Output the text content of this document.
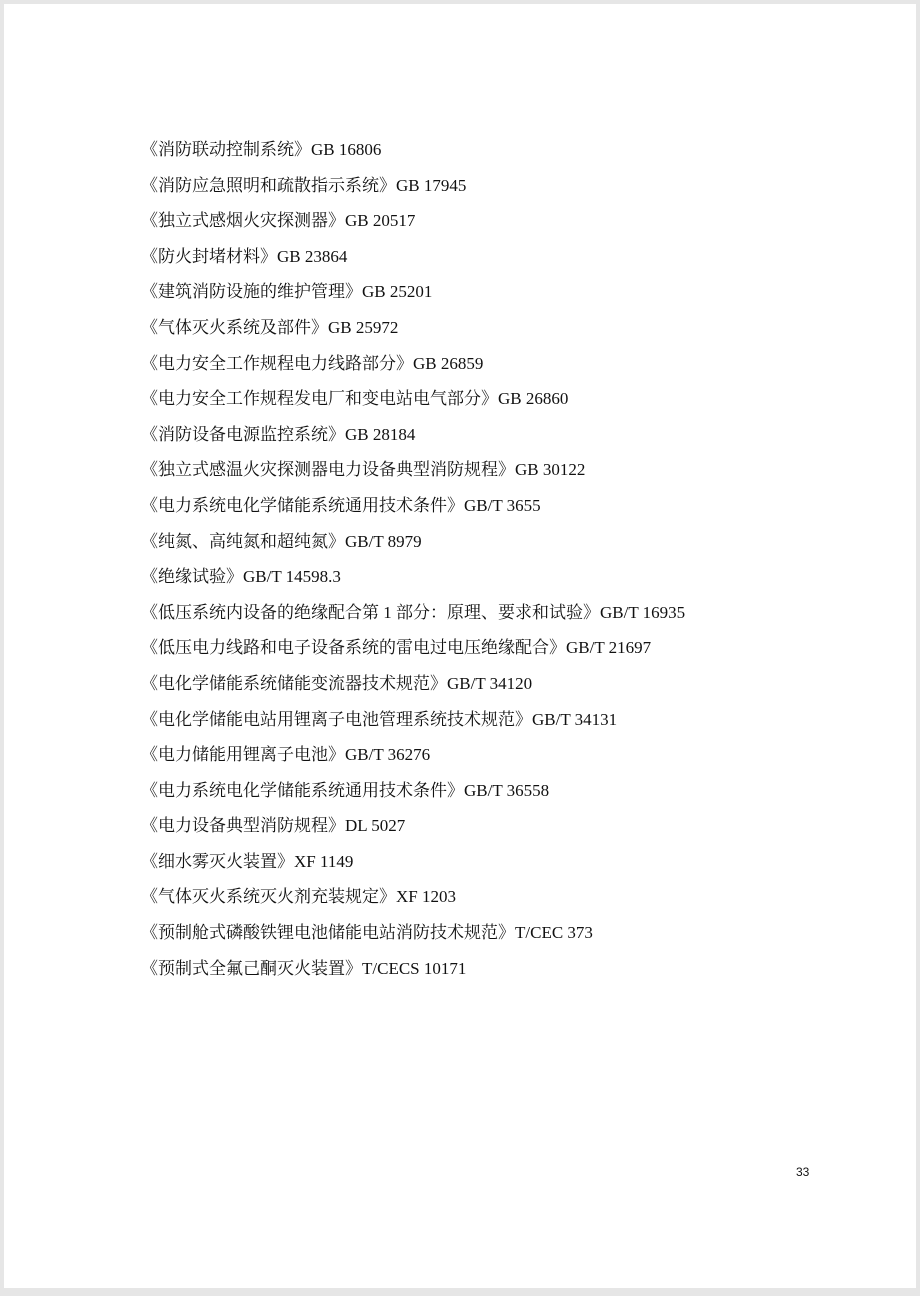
《消防联动控制系统》GB 16806
《消防应急照明和疏散指示系统》GB 17945
《独立式感烟火灾探测器》GB 20517
《防火封堵材料》GB 23864
《建筑消防设施的维护管理》GB 25201
《气体灭火系统及部件》GB 25972
《电力安全工作规程电力线路部分》GB 26859
《电力安全工作规程发电厂和变电站电气部分》GB 26860
《消防设备电源监控系统》GB 28184
《独立式感温火灾探测器电力设备典型消防规程》GB 30122
《电力系统电化学储能系统通用技术条件》GB/T 3655
《纯氮、高纯氮和超纯氮》GB/T 8979
《绝缘试验》GB/T 14598.3
《低压系统内设备的绝缘配合第 1 部分：原理、要求和试验》GB/T 16935
《低压电力线路和电子设备系统的雷电过电压绝缘配合》GB/T 21697
《电化学储能系统储能变流器技术规范》GB/T 34120
《电化学储能电站用锂离子电池管理系统技术规范》GB/T 34131
《电力储能用锂离子电池》GB/T 36276
《电力系统电化学储能系统通用技术条件》GB/T 36558
《电力设备典型消防规程》DL 5027
《细水雾灭火装置》XF 1149
《气体灭火系统灭火剂充装规定》XF 1203
《预制舱式磷酸铁锂电池储能电站消防技术规范》T/CEC 373
《预制式全氟己酮灭火装置》T/CECS 10171
33
